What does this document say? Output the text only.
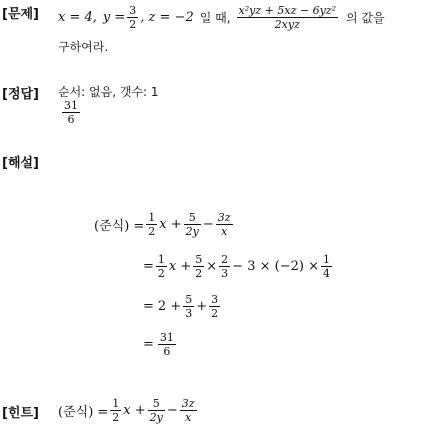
[문제] x = 4, $y = \frac{3}{2}$ , z = −2 일 때, $\frac{\text{x²yz + 5xz − 6yz²}}{\text{2xyz}}$ 의 값을
구하여라.
[정답] 순서: 없음, 갯수: 1
$\frac{31}{6}$
[해설]
(준식) = $\frac{1}{2}$ $x + \frac{5}{2y} - \frac{3z}{x}$
= $\frac{1}{2}$ $x + \frac{5}{2} \times \frac{2}{3} - 3 \times (-2) \times \frac{1}{4}$
= $2 + \frac{5}{3} + \frac{3}{2}$
= $\frac{31}{6}$
[힌트] (준식) = $\frac{1}{2}$ $x + \frac{5}{2y} - \frac{3z}{x}$
